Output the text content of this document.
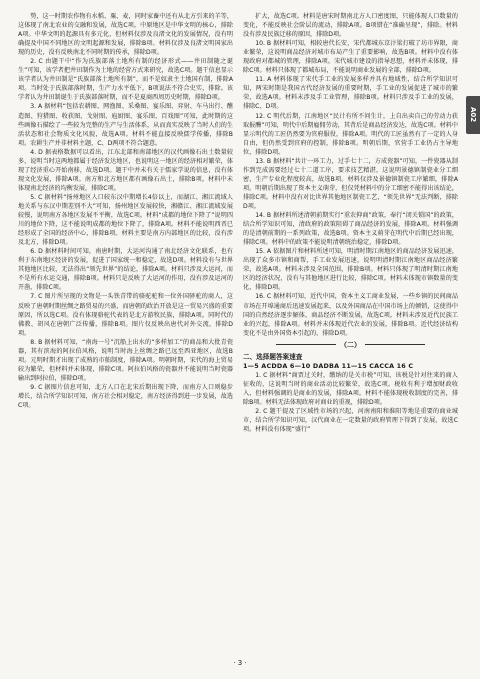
势，这一时期农作物有水稻、粟、麦，同时家畜中还有从北方引来的羊等，这体现了南北农业的交融和发展，故选C项。中原地区是中华文明的核心，排除A项。中华文明的起源具有多元化，但材料仅涉及良渚文化的发展情况，没有明确提及中国不同地区的文明起源和发展，排除B项。材料仅涉及良渚文明国家出现的历史，没有反映南北不同时期的传承，排除D项。

2. C 由题干中“作为氏族部落土地所有制的经济形式——井田制随之诞生”可知，该学者把井田制作为土地的经营方式来研究，故选C项。题干信息显示该学者认为井田制是“氏族部落土地所有制”，而不是奴隶主土地国有制，排除A项。当时处于氏族部落时期，生产力水平低下，B项说法不符合史实，排除。该学者认为井田制诞生于氏族部落时期，而不是夏商西周历史时期，排除D项。

3. A 据材料“包括农耕图、网渔图、采桑图、宴乐图、弈射、车马出行、醮造图、狩猎图、收获图、戈射图、庖厨图、宴乐图、百戏图”可知，此时期的这些画像石描绘了一些较为完整的生产与生活体系，从而真实反映了当时人们的生活状态和社会物质文化风貌，故选A项。材料不能直接反映儒学传播，排除B项。农耕生产并非材料主题，C、D两项不符合题意。

4. D 据表格数据可以看出，江东北部和南部地区的汉代画像石出土数量较多，说明当时这两地都属于经济发达地区，也说明这一地区的经济相对繁荣，体现了经济重心开始南移，故选D项。题干中并未有关于儒家学说的信息，没有体现文化发展，排除A项。南方和北方地区都有画像石出土，排除B项。材料中未体现南北经济的均衡发展，排除C项。

5. C 据材料“扬州地区人口较东汉中期增长4倍以上，而湖江、湘江流域人地关系与东汉中期差别不大”可知，扬州地区发展较快，湘赣江、湘江流域发展较慢，说明南方各地区发展不平衡，故选C项。材料“成都的地位下降了”说明四川的地位下降，这不能说明成都的地位下降了，排除A项。材料不能说明西晋已经形成了全国的经济中心，排除B项。材料主要是南方内部地区的比较，没有涉及北方，排除D项。

6. D 据材料时间可知，南唐时期，大运河沟通了南北经济文化联系，也有利于东南地区经济的发展，促进了国家统一和稳定，故选D项。材料没有与世界其他地区比较，无法得出“领先世界”的结论，排除A项。材料只涉及大运河，而不是所有水运交通，排除B项。材料只是反映了大运河的作用，没有涉及运河的开凿，排除C项。

7. C 图片所呈现的文物是一头铁青带的骆驼驼和一位外国驿驼的商人，这反映了唐朝时期丝绸之路贸易的兴盛，而唐朝的政治开放是这一贸易兴盛的重要原因，所以选C项。没有体现骆驼代表的是北方游牧民族，排除A项。同时代的佛教、胡风在唐朝广泛传播，排除B项。图片仅反映出唐代对外交流，排除D项。

8. B 据材料可知，“南海一号”沉船上出水的“多样加工”的商品和大批青瓷器，其有滨海的阿拉伯风格，说明当时海上丝绸之路已远至西亚地区，故选B项。元明时期才出现了成熟的市舶制度，排除A项。明朝时期，宋代的海上贸易较为繁荣，但材料并未体现，排除C项。阿拉伯风格的瓷器并不能说明当时瓷器输出到阿拉伯，排除D项。

9. C 据图片信息可知，北方人口在北宋后期出现下降，而南方人口则稳步增长，结合所学知识可知，南方社会相对稳定，南方经济得到进一步发展，故选C项。

扩大，故选C项。材料是唐宋时期南北方人口密度图，只能体现人口数量的变化，不能反映社会阶层的流动，排除A项。B项错在“准确呈现”，排除。材料没有涉及民族迁移的原因，排除D项。

10. B 据材料可知，相较唐代长安，宋代都城东京汴梁打破了坊市界限，商业繁荣，这说明商品经济对城市布局产生了重要影响，故选B项。材料中没有体现政府对都城的管理，排除A项。宋代城市建设的指导思想，材料并未体现，排除C项。材料只体现了都城布局，不能说明商业发展的全部，排除D项。

11. A 材料体现了宋代手工业的发展多样并具有地域性，结合所学知识可知，两宋时期是我国古代经济发展的重要时期，手工业的发展促进了城市的繁荣，故选A项。材料未涉及手工业管理，排除B项。材料只涉及手工业的发展，排除C、D项。

12. C 明代后期，江南地区“民计有所不问生计，上自出卖自己的劳动力获取报酬”可知，明代中后期雇佣劳动，其背后是商品经济发达，故选C项。材料中显示明代的工匠仍然要为官府服役，排除A项。明代的工匠虽然有了一定的人身自由，但仍然受到官府的控制，排除B项。明朝后期，官营手工业仍占主导地位，排除D项。

13. B 据材料“共计一环工力，过手七十二，方成瓷器”可知，一件瓷器从制作到完成需要经过七十二道工序，要求技艺精湛，这说明景德镇制瓷业分工细密，生产专业化程度较高，故选B项。材料仅涉及景德镇制瓷工序繁细，排除A项。明朝后期出现了资本主义萌芽，但仅凭材料中的分工细密不能得出该结论，排除C项。材料中没有对比世界其他地区制瓷工艺，“领先世界”无法判断，排除D项。

14. B 据材料所述清朝前期实行“重农抑商”政策，奉行“闭关锁国”的政策，结合所学知识可知，清政府的政策阻碍了商品经济的发展，排除A项。材料强调的是清朝前期的一系列政策，故选B项。资本主义萌芽在明代中后期已经出现，排除C项。材料中的政策不能说明清朝统治稳定，排除D项。

15. A 依据图片和材料所述可知，明清时期江南地区的商品经济发展迅速，出现了众多市镇和商帮，手工业发展迅速，说明明清时期江南地区商品经济繁荣，故选A项。材料未涉及全国范围，排除B项。材料只体现了明清时期江南地区的经济状况，没有与其他地区进行比较，排除C项。材料未体现市镇数量的变化，排除D项。

16. C 据材料可知，近代中国，资本主义工商业发展，一些乡镇的民间商品市场在开埠通商后迅速发展起来，以及外国商品在中国市场上的倾销，这使得中国的自然经济逐步解体，商品经济不断发展，故选C项。材料未涉及近代民族工业的兴起，排除A项。材料并未体现近代农业的发展，排除B项。近代经济结构变化不是由外国资本引起的，排除D项。

（二）

二、选择题答案速查

1—5 ACDDA 6—10 DADBA 11—15 CACCA 16 C

1. C 据材料“商贾过关时，缴纳的是关市税”可知，该税是针对往来的商人征收的，这说明当时的商业活动比较繁荣，故选C项。税收有利于增加财政收入，但材料强调的是商业的发展，排除A项。材料不能体现税收制度的完善，排除B项。材料无法体现政府对商业的重视，排除D项。

2. C 题干提及了区域性市场的兴起，河南南阳和淮阳等地是重要的商业城市，结合所学知识可知，汉代商业在一定数量的政府管理下得到了发展，故选C项。材料没有体现“盛行”

A02
· 3 ·
